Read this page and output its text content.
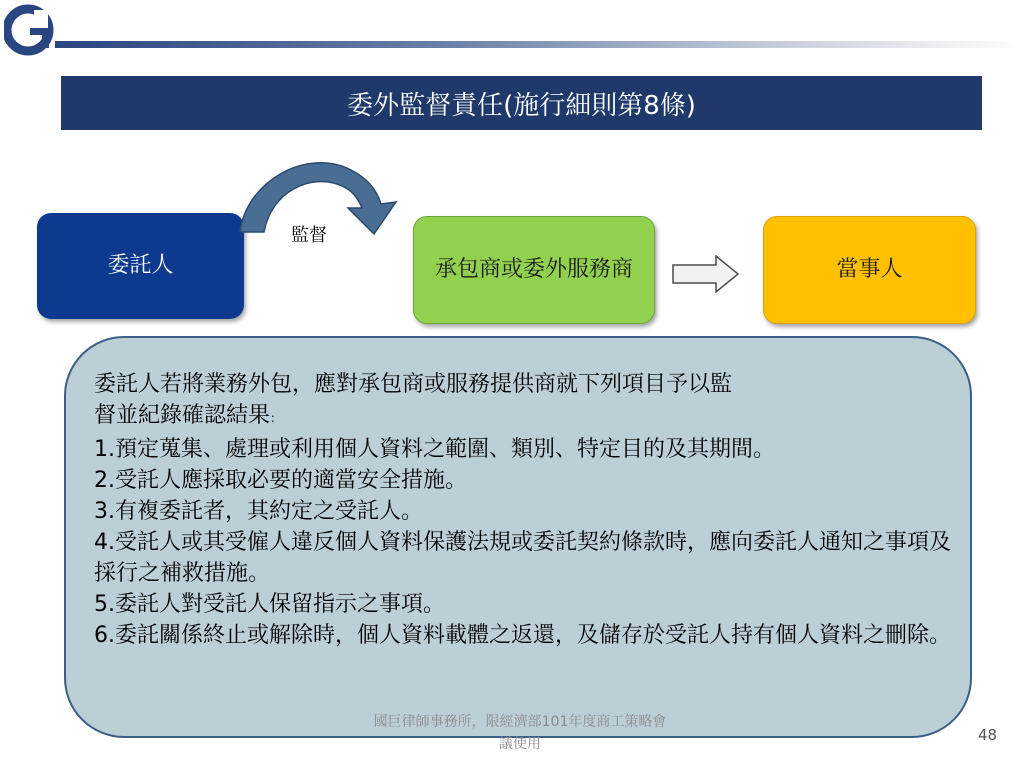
委外監督責任(施行細則第8條)
委託人
監督
承包商或委外服務商	當事人

委託人若將業務外包，應對承包商或服務提供商就下列項目予以監

督並紀錄確認結果：

1.預定蒐集、處理或利用個人資料之範圍、類別、特定目的及其期間。

2.受託人應採取必要的適當安全措施。

3.有複委託者，其約定之受託人。

4.受託人或其受僱人違反個人資料保護法規或委託契約條款時，應向委託人通知之事項及採行之補救措施。

5.委託人對受託人保留指示之事項。

6.委託關係終止或解除時，個人資料載體之返還，及儲存於受託人持有個人資料之刪除。

國巨律師事務所，限經濟部101年度商工策略會議使用	48
